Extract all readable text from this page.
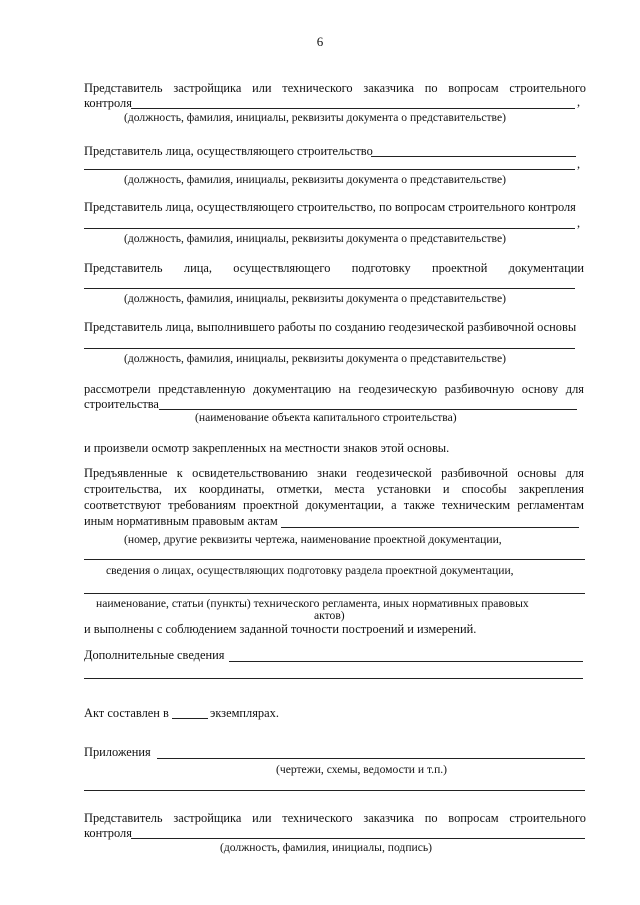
6
Представитель застройщика или технического заказчика по вопросам строительного
контроля	,
(должность, фамилия, инициалы, реквизиты документа о представительстве)
Представитель лица, осуществляющего строительство
,
(должность, фамилия, инициалы, реквизиты документа о представительстве)
Представитель лица, осуществляющего строительство, по вопросам строительного контроля
,
(должность, фамилия, инициалы, реквизиты документа о представительстве)
Представитель лица, осуществляющего подготовку проектной документации
(должность, фамилия, инициалы, реквизиты документа о представительстве)
Представитель лица, выполнившего работы по созданию геодезической разбивочной основы
(должность, фамилия, инициалы, реквизиты документа о представительстве)
рассмотрели представленную документацию на геодезическую разбивочную основу для
строительства
(наименование объекта капитального строительства)
и произвели осмотр закрепленных на местности знаков этой основы.
Предъявленные к освидетельствованию знаки геодезической разбивочной основы для
строительства, их координаты, отметки, места установки и способы закрепления
соответствуют требованиям проектной документации, а также техническим регламентам
иным нормативным правовым актам
(номер, другие реквизиты чертежа, наименование проектной документации,
сведения о лицах, осуществляющих подготовку раздела проектной документации,
наименование, статьи (пункты) технического регламента, иных нормативных правовых
актов)
и выполнены с соблюдением заданной точности построений и измерений.
Дополнительные сведения
Акт составлен в	экземплярах.
Приложения
(чертежи, схемы, ведомости и т.п.)
Представитель застройщика или технического заказчика по вопросам строительного
контроля
(должность, фамилия, инициалы, подпись)
